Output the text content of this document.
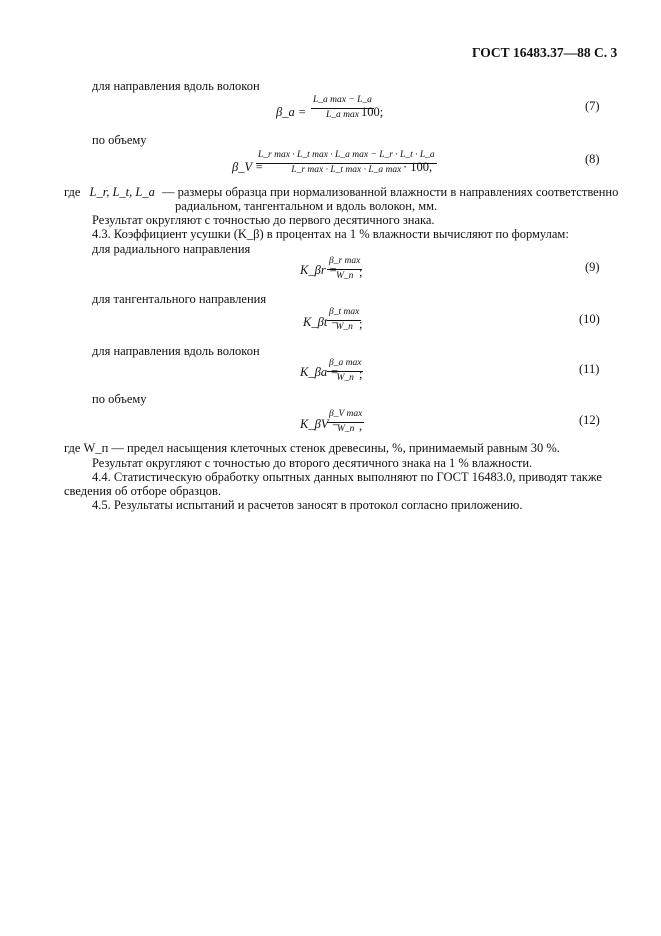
ГОСТ 16483.37—88 С. 3
для направления вдоль волокон
β_a =
L_a max − L_a
L_a max 100;	(7)
по объему
β_V =
L_r max · L_t max · L_a max − L_r · L_t · L_a
L_r max · L_t max · L_a max · 100,
(8)
где L_r, L_t, L_a — размеры образца при нормализованной влажности в направлениях соответственно
радиальном, тангентальном и вдоль волокон, мм.
Результат округляют с точностью до первого десятичного знака.
4.3. Коэффициент усушки (K_β) в процентах на 1 % влажности вычисляют по формулам:
для радиального направления
K_βr =
β_r max
W_п ;	(9)
для тангентального направления
K_βt =
β_t max
W_п ;	(10)
для направления вдоль волокон
K_βa =
β_a max
W_п ;	(11)
по объему
K_βV =
β_V max
W_п ,	(12)
где W_п — предел насыщения клеточных стенок древесины, %, принимаемый равным 30 %.
Результат округляют с точностью до второго десятичного знака на 1 % влажности.
4.4. Статистическую обработку опытных данных выполняют по ГОСТ 16483.0, приводят также
сведения об отборе образцов.
4.5. Результаты испытаний и расчетов заносят в протокол согласно приложению.
